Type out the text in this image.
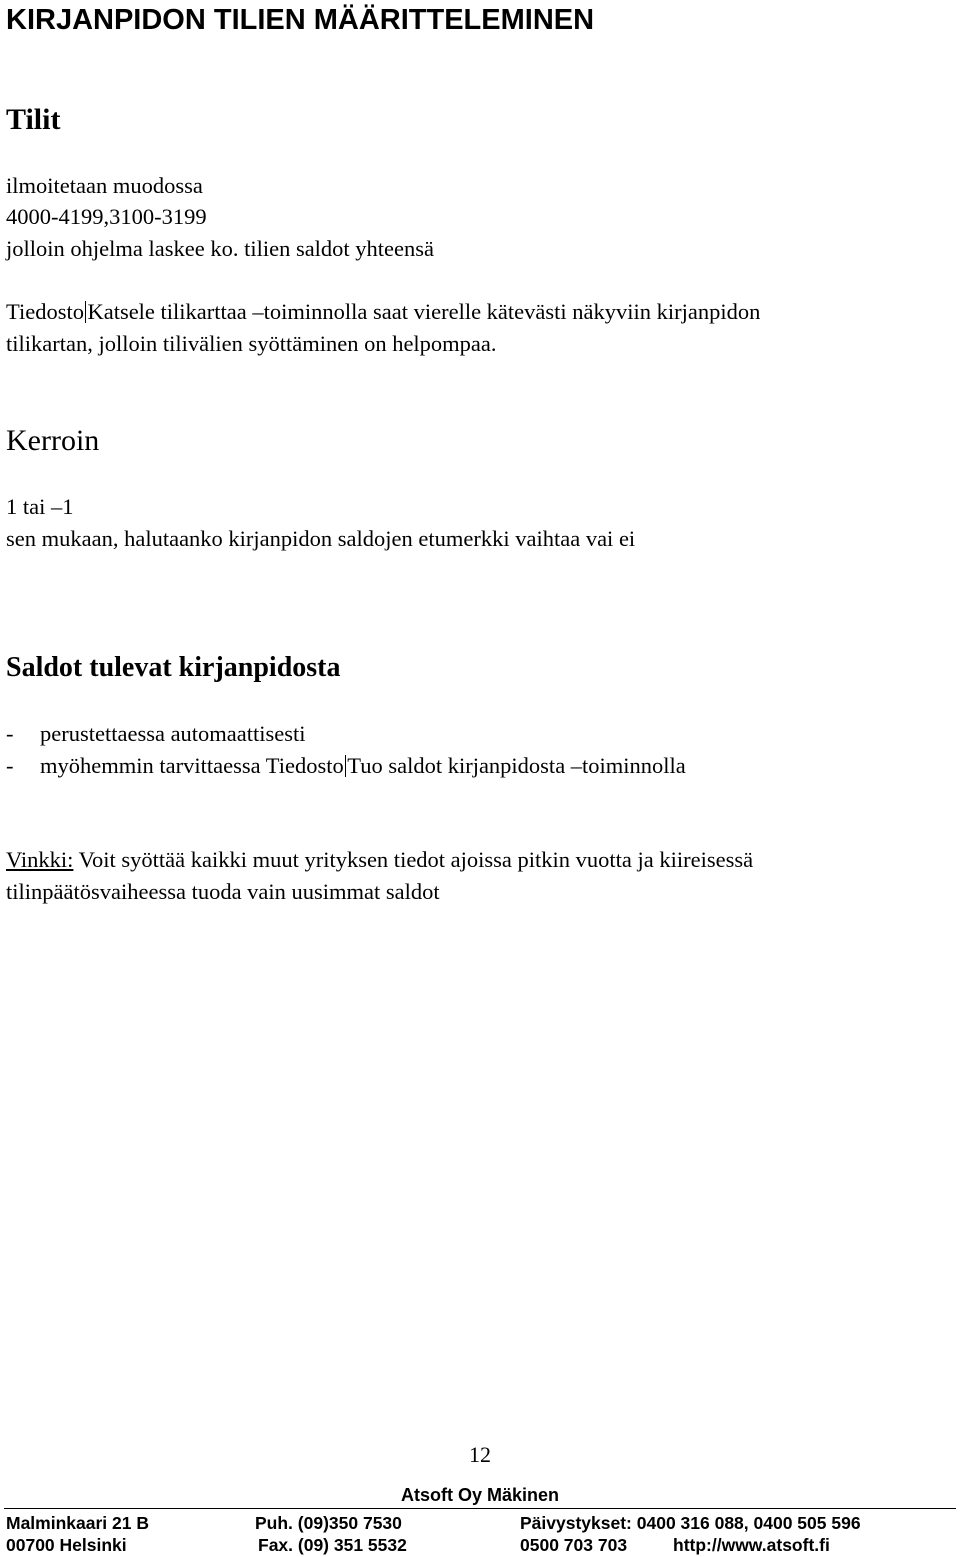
KIRJANPIDON TILIEN MÄÄRITTELEMINEN
Tilit
ilmoitetaan muodossa
4000-4199,3100-3199
jolloin ohjelma laskee ko. tilien saldot yhteensä
Tiedosto Katsele tilikarttaa –toiminnolla saat vierelle kätevästi näkyviin kirjanpidon
tilikartan, jolloin tilivälien syöttäminen on helpompaa.
Kerroin
1 tai –1
sen mukaan, halutaanko kirjanpidon saldojen etumerkki vaihtaa vai ei
Saldot tulevat kirjanpidosta
- perustettaessa automaattisesti
- myöhemmin tarvittaessa Tiedosto Tuo saldot kirjanpidosta –toiminnolla
Vinkki: Voit syöttää kaikki muut yrityksen tiedot ajoissa pitkin vuotta ja kiireisessä
tilinpäätösvaiheessa tuoda vain uusimmat saldot
12
Atsoft Oy Mäkinen
Malminkaari 21 B
00700 Helsinki
Puh. (09)350 7530
Fax. (09) 351 5532
Päivystykset: 0400 316 088, 0400 505 596
0500 703 703	http://www.atsoft.fi
